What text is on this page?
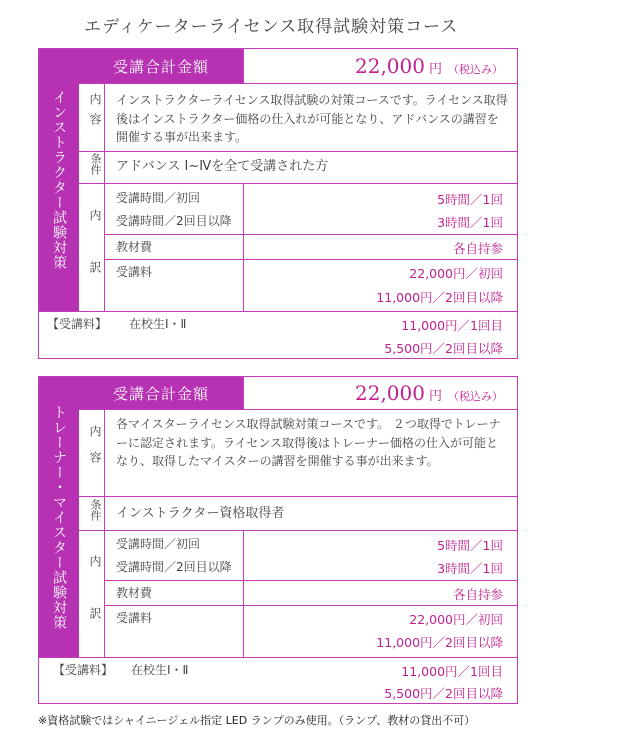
エディケーターライセンス取得試験対策コース
インストラクター試験対策
受講合計金額	22,000 円 （税込み）
内容 インストラクターライセンス取得試験の対策コースです。ライセンス取得後はインストラクター価格の仕入れが可能となり、アドバンスの講習を開催する事が出来ます。
条件 アドバンス Ⅰ~Ⅳを全て受講された方
内訳
受講時間／初回	5時間／1回
受講時間／2回目以降	3時間／1回
教材費	各自持参
受講料	22,000円／初回
11,000円／2回目以降
【受講料】 在校生Ⅰ・Ⅱ	11,000円／1回目
5,500円／2回目以降
トレーナー・マイスター試験対策
受講合計金額	22,000 円 （税込み）
内容
各マイスターライセンス取得試験対策コースです。 ２つ取得でトレーナーに認定されます。ライセンス取得後はトレーナー価格の仕入が可能となり、取得したマイスターの講習を開催する事が出来ます。
条件 インストラクター資格取得者
内訳
受講時間／初回	5時間／1回
受講時間／2回目以降	3時間／1回
教材費	各自持参
受講料	22,000円／初回
11,000円／2回目以降
【受講料】 在校生Ⅰ・Ⅱ	11,000円／1回目
5,500円／2回目以降
※資格試験ではシャイニージェル指定 LED ランプのみ使用。（ランプ、教材の貸出不可）
